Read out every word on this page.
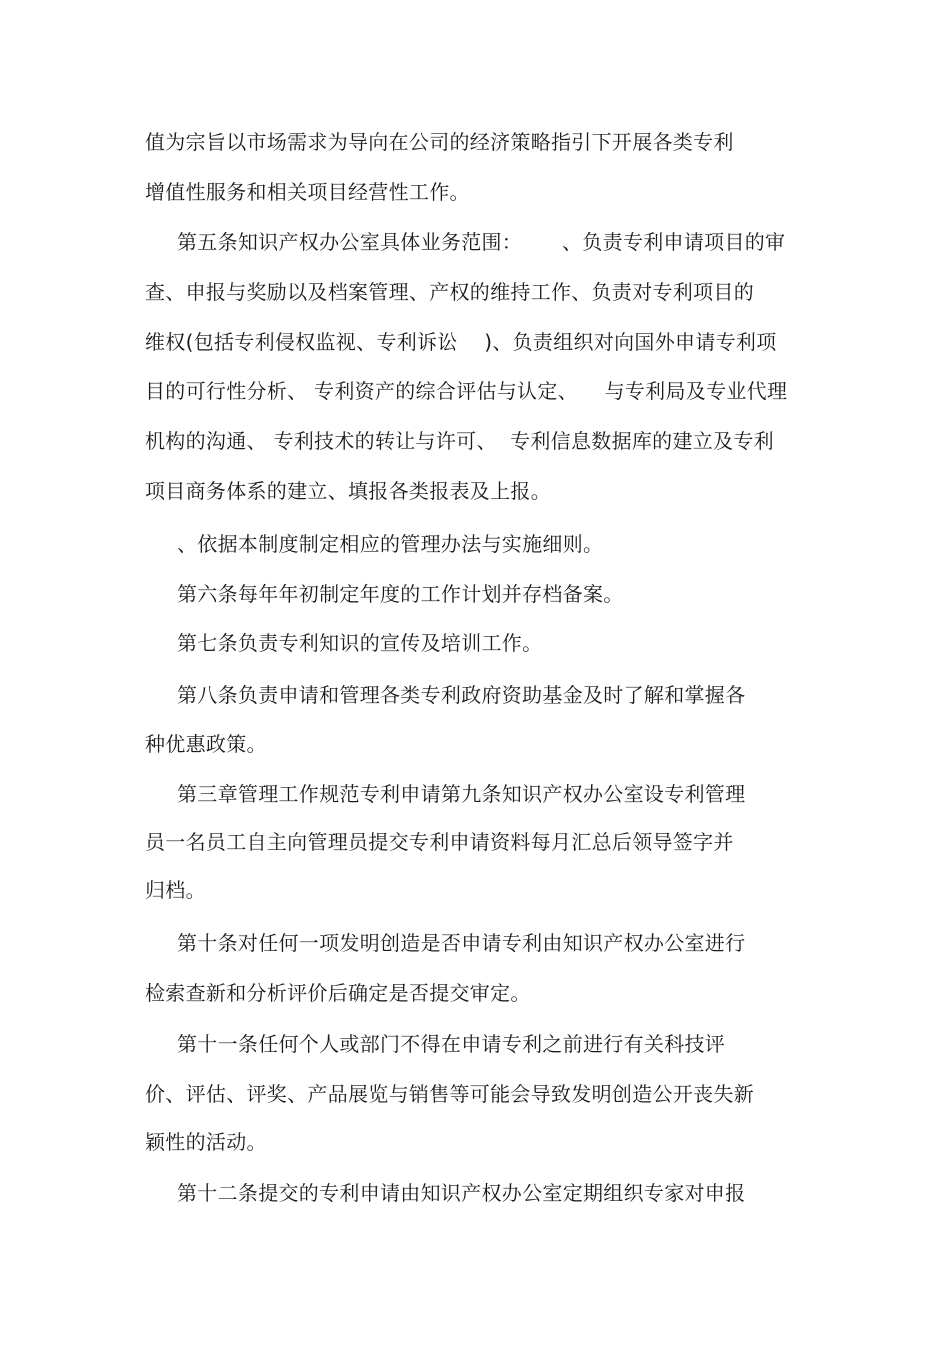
值为宗旨以市场需求为导向在公司的经济策略指引下开展各类专利

增值性服务和相关项目经营性工作。

第五条知识产权办公室具体业务范围：      、负责专利申请项目的审

查、申报与奖励以及档案管理、产权的维持工作、负责对专利项目的

维权(包括专利侵权监视、专利诉讼    )、负责组织对向国外申请专利项

目的可行性分析、 专利资产的综合评估与认定、    与专利局及专业代理

机构的沟通、 专利技术的转让与许可、  专利信息数据库的建立及专利

项目商务体系的建立、填报各类报表及上报。

、依据本制度制定相应的管理办法与实施细则。

第六条每年年初制定年度的工作计划并存档备案。

第七条负责专利知识的宣传及培训工作。

第八条负责申请和管理各类专利政府资助基金及时了解和掌握各

种优惠政策。

第三章管理工作规范专利申请第九条知识产权办公室设专利管理

员一名员工自主向管理员提交专利申请资料每月汇总后领导签字并

归档。

第十条对任何一项发明创造是否申请专利由知识产权办公室进行

检索查新和分析评价后确定是否提交审定。

第十一条任何个人或部门不得在申请专利之前进行有关科技评

价、评估、评奖、产品展览与销售等可能会导致发明创造公开丧失新

颖性的活动。

第十二条提交的专利申请由知识产权办公室定期组织专家对申报
